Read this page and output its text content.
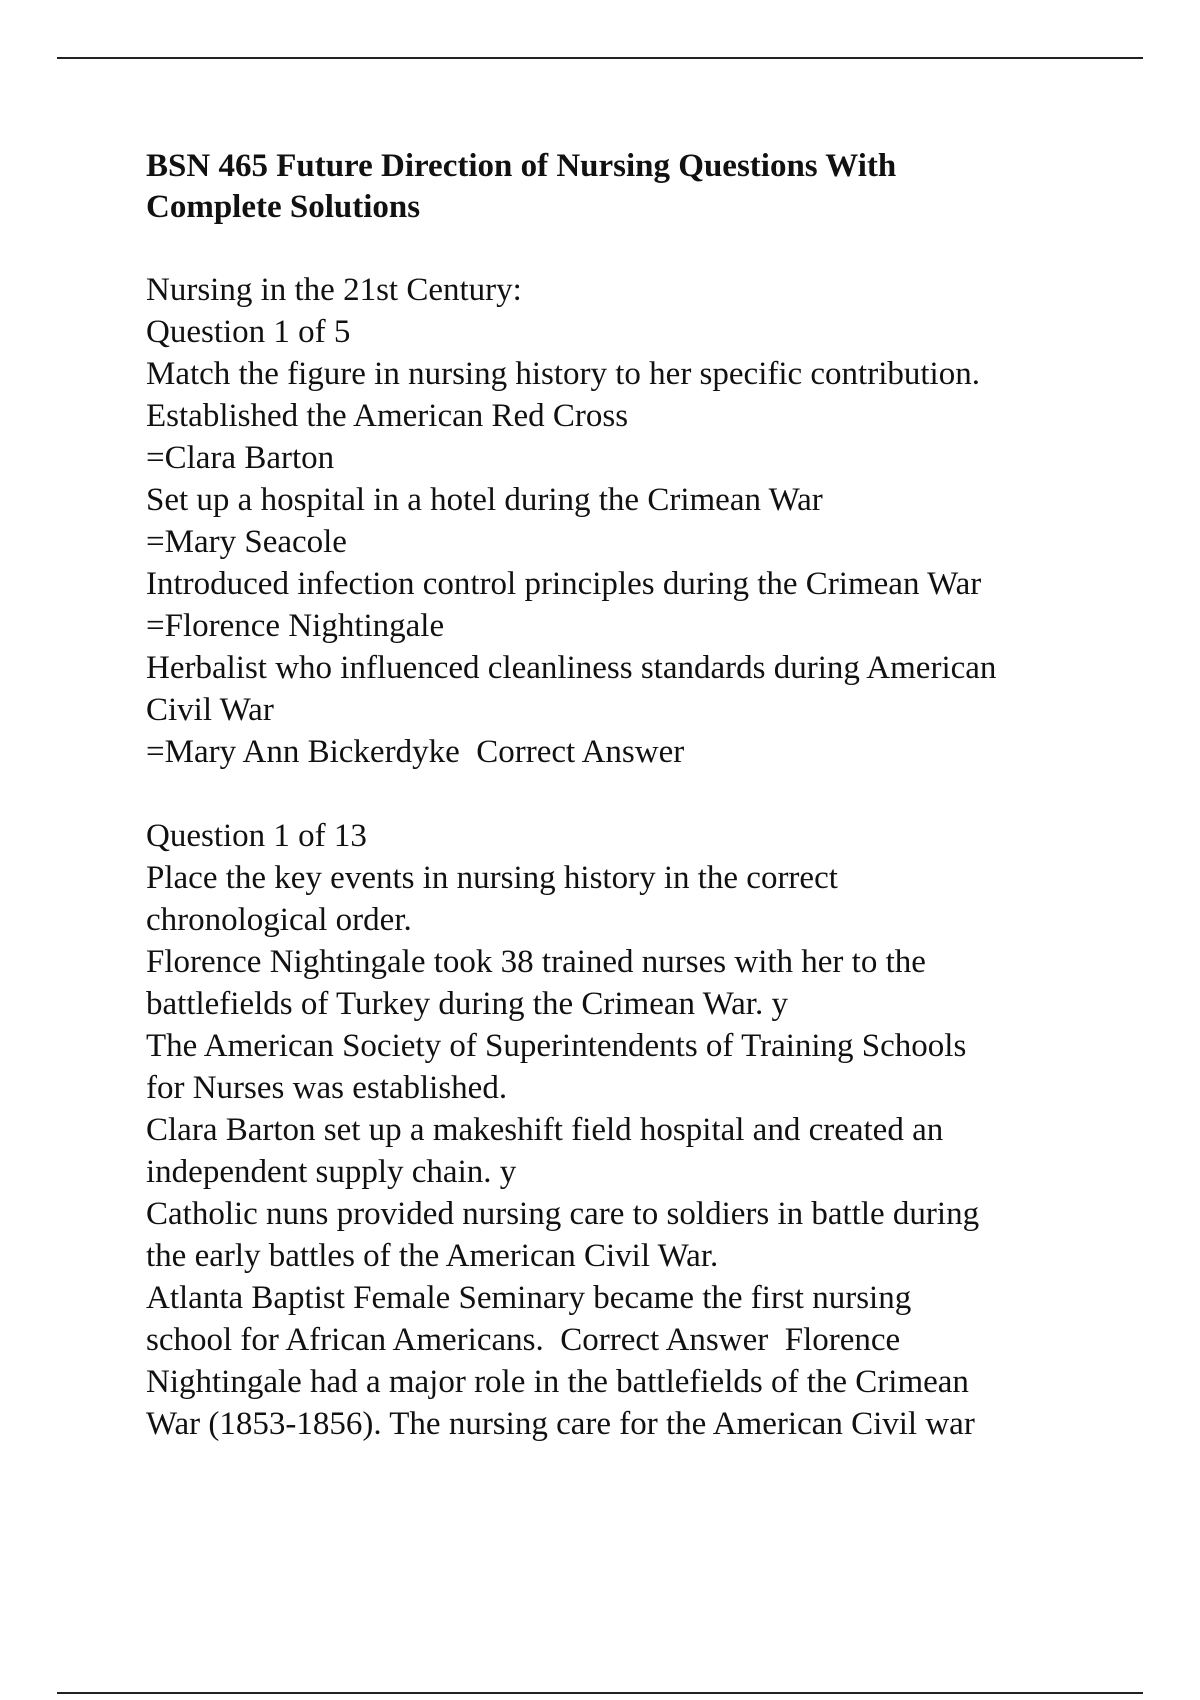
BSN 465 Future Direction of Nursing Questions With
Complete Solutions

Nursing in the 21st Century:

Question 1 of 5

Match the figure in nursing history to her specific contribution.

Established the American Red Cross

=Clara Barton

Set up a hospital in a hotel during the Crimean War

=Mary Seacole

Introduced infection control principles during the Crimean War

=Florence Nightingale

Herbalist who influenced cleanliness standards during American

Civil War

=Mary Ann Bickerdyke  Correct Answer

Question 1 of 13

Place the key events in nursing history in the correct

chronological order.

Florence Nightingale took 38 trained nurses with her to the

battlefields of Turkey during the Crimean War. y

The American Society of Superintendents of Training Schools

for Nurses was established.

Clara Barton set up a makeshift field hospital and created an

independent supply chain. y

Catholic nuns provided nursing care to soldiers in battle during

the early battles of the American Civil War.

Atlanta Baptist Female Seminary became the first nursing

school for African Americans.  Correct Answer  Florence

Nightingale had a major role in the battlefields of the Crimean

War (1853-1856). The nursing care for the American Civil war
